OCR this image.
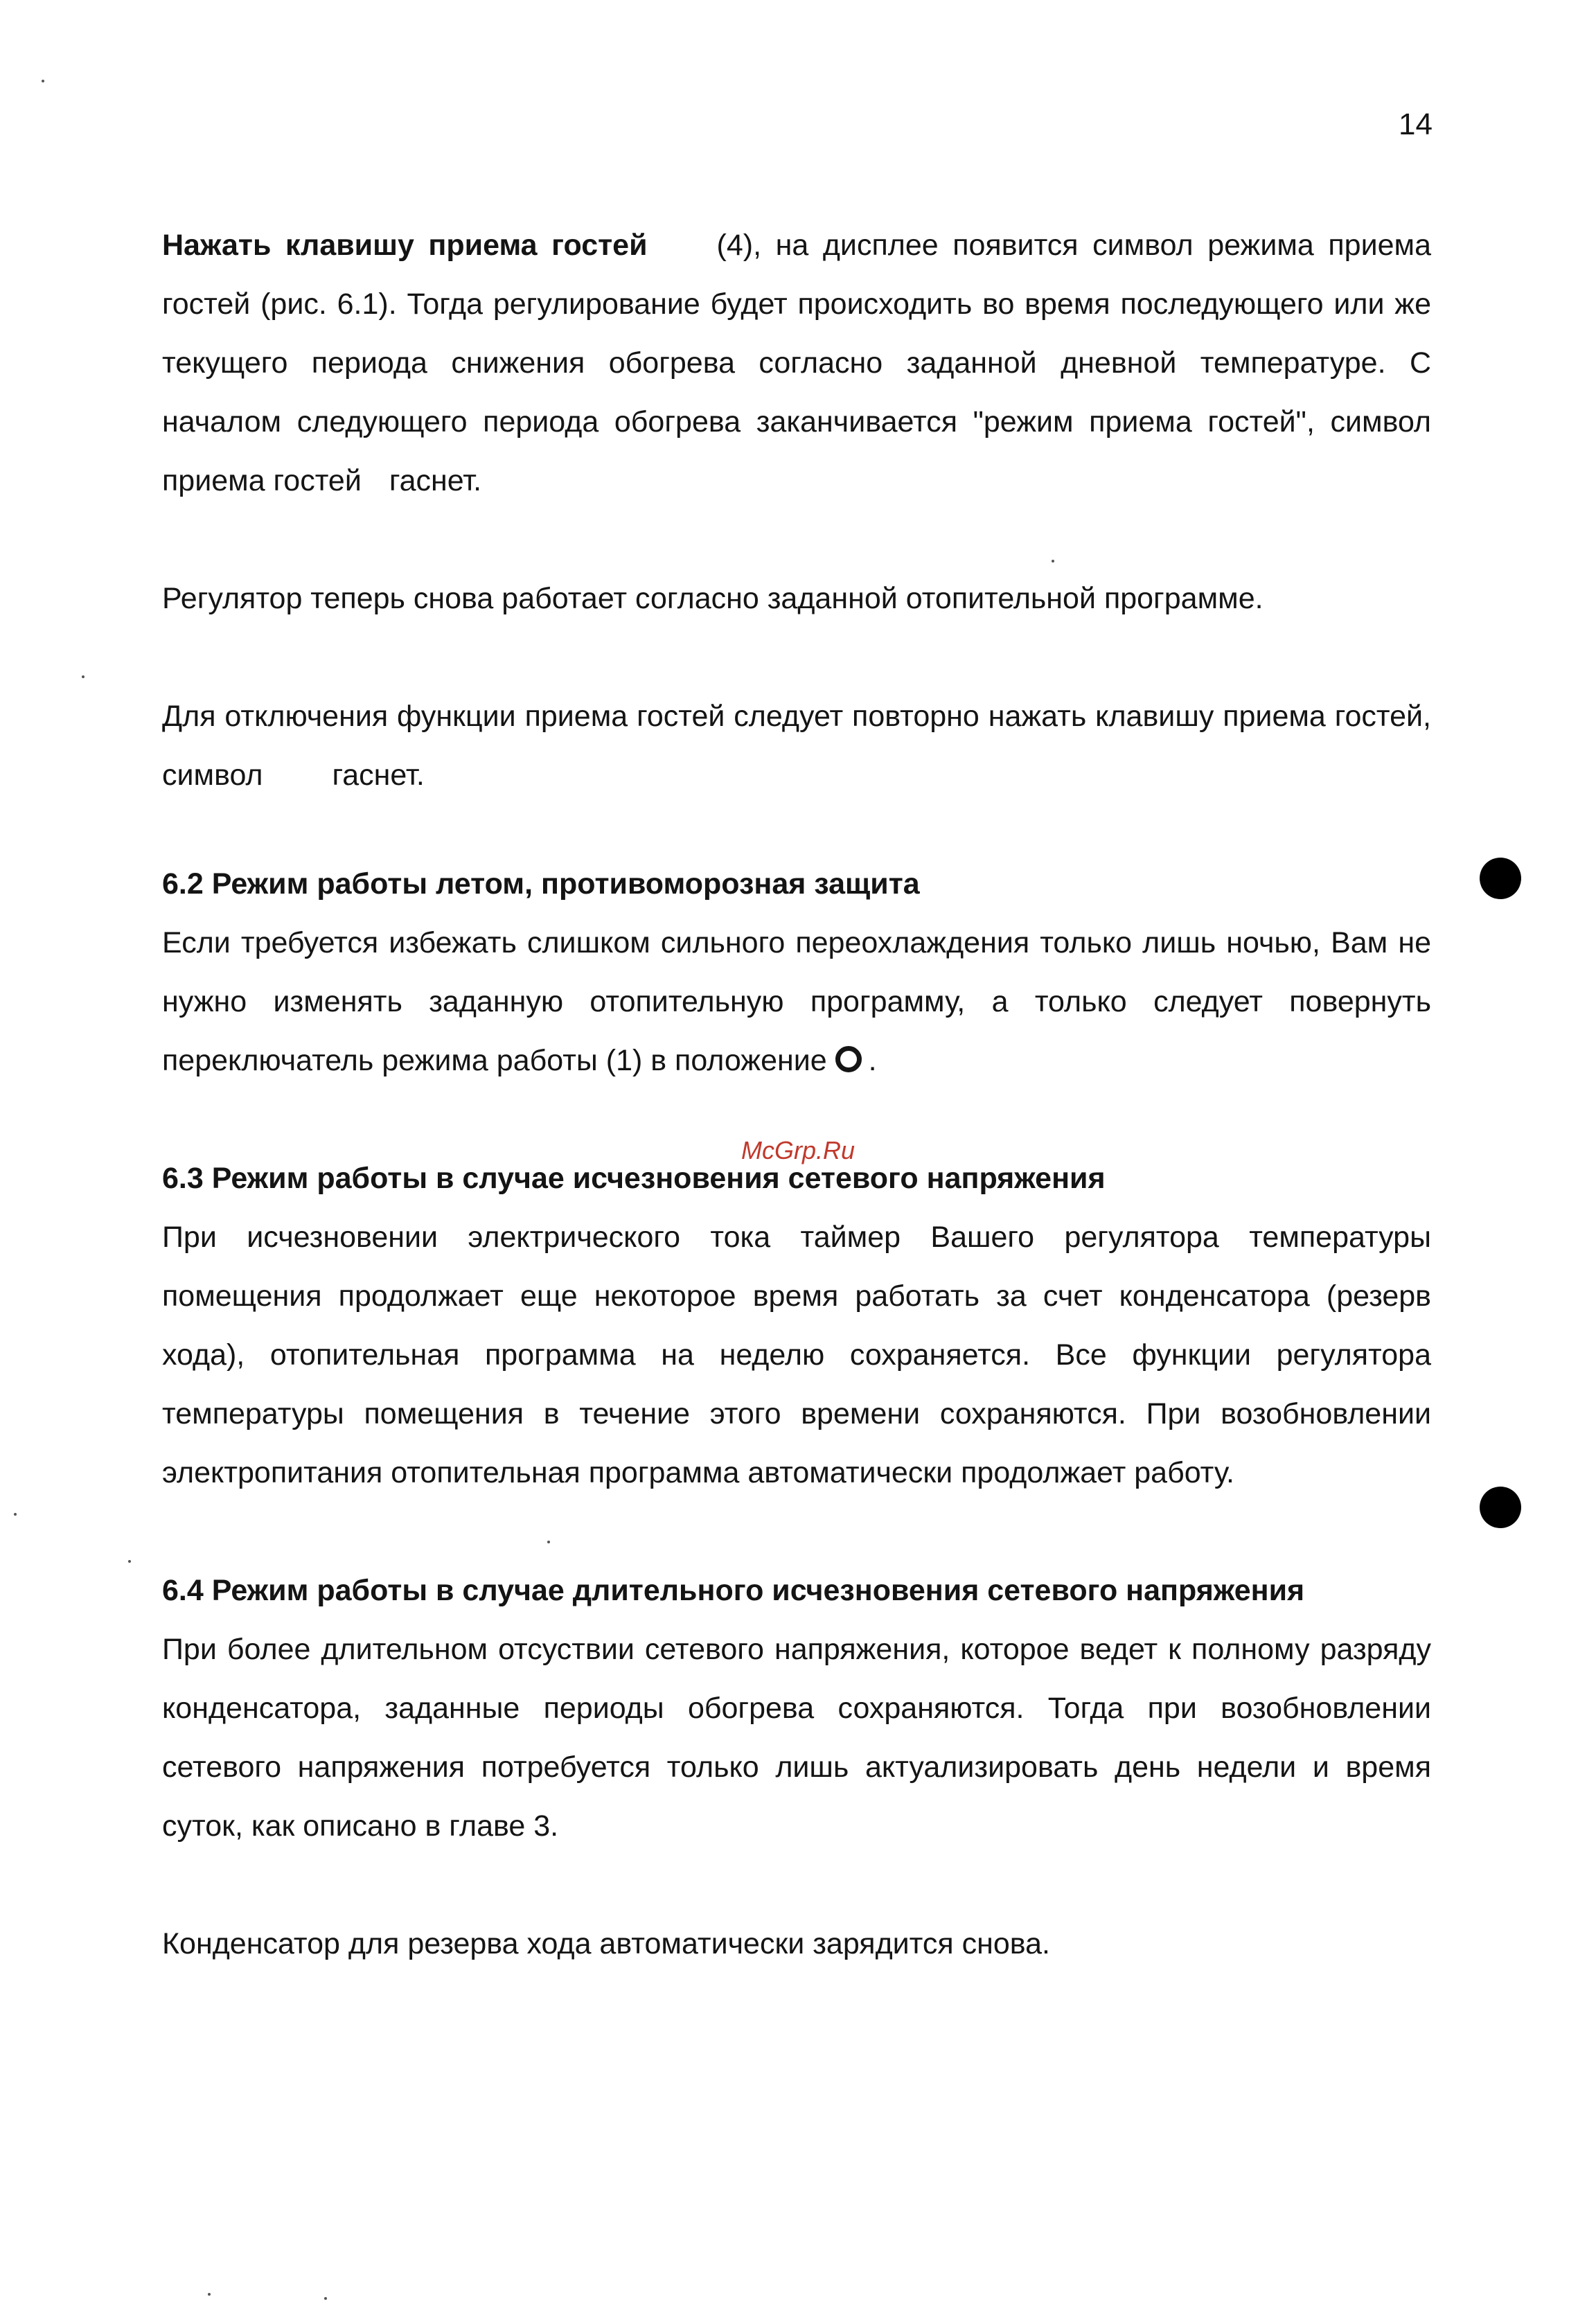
14

Нажать клавишу приема гостей (4), на дисплее появится символ режима приема гостей (рис. 6.1). Тогда регулирование будет происходить во время последующего или же текущего периода снижения обогрева согласно заданной дневной температуре. С началом следующего периода обогрева заканчивается "режим приема гостей", символ приема гостей гаснет.

Регулятор теперь снова работает согласно заданной отопительной программе.

Для отключения функции приема гостей следует повторно нажать клавишу приема гостей, символ гаснет.

6.2 Режим работы летом, противоморозная защита

Если требуется избежать слишком сильного переохлаждения только лишь ночью, Вам не нужно изменять заданную отопительную программу, а только следует повернуть переключатель режима работы (1) в положение .

6.3 Режим работы в случае исчезновения сетевого напряжения

При исчезновении электрического тока таймер Вашего регулятора температуры помещения продолжает еще некоторое время работать за счет конденсатора (резерв хода), отопительная программа на неделю сохраняется. Все функции регулятора температуры помещения в течение этого времени сохраняются. При возобновлении электропитания отопительная программа автоматически продолжает работу.

6.4 Режим работы в случае длительного исчезновения сетевого напряжения

При более длительном отсуствии сетевого напряжения, которое ведет к полному разряду конденсатора, заданные периоды обогрева сохраняются. Тогда при возобновлении сетевого напряжения потребуется только лишь актуализировать день недели и время суток, как описано в главе 3.

Конденсатор для резерва хода автоматически зарядится снова.

McGrp.Ru
